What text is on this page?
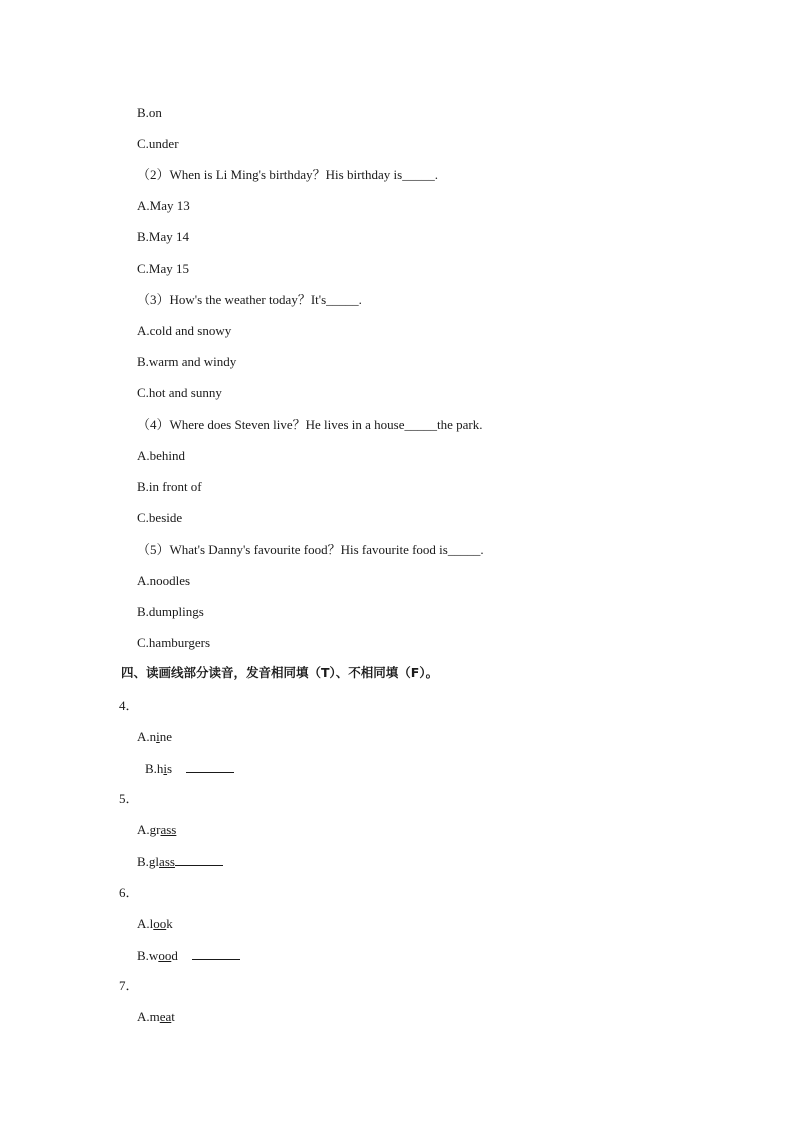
B.on
C.under
（2）When is Li Ming's birthday？His birthday is_____.
A.May 13
B.May 14
C.May 15
（3）How's the weather today？It's_____.
A.cold and snowy
B.warm and windy
C.hot and sunny
（4）Where does Steven live？He lives in a house_____the park.
A.behind
B.in front of
C.beside
（5）What's Danny's favourite food？His favourite food is_____.
A.noodles
B.dumplings
C.hamburgers
四、读画线部分读音，发音相同填（T）、不相同填（F）。
4．
A.nine
B.his
5．
A.grass
B.glass
6．
A.look
B.wood
7．
A.meat
